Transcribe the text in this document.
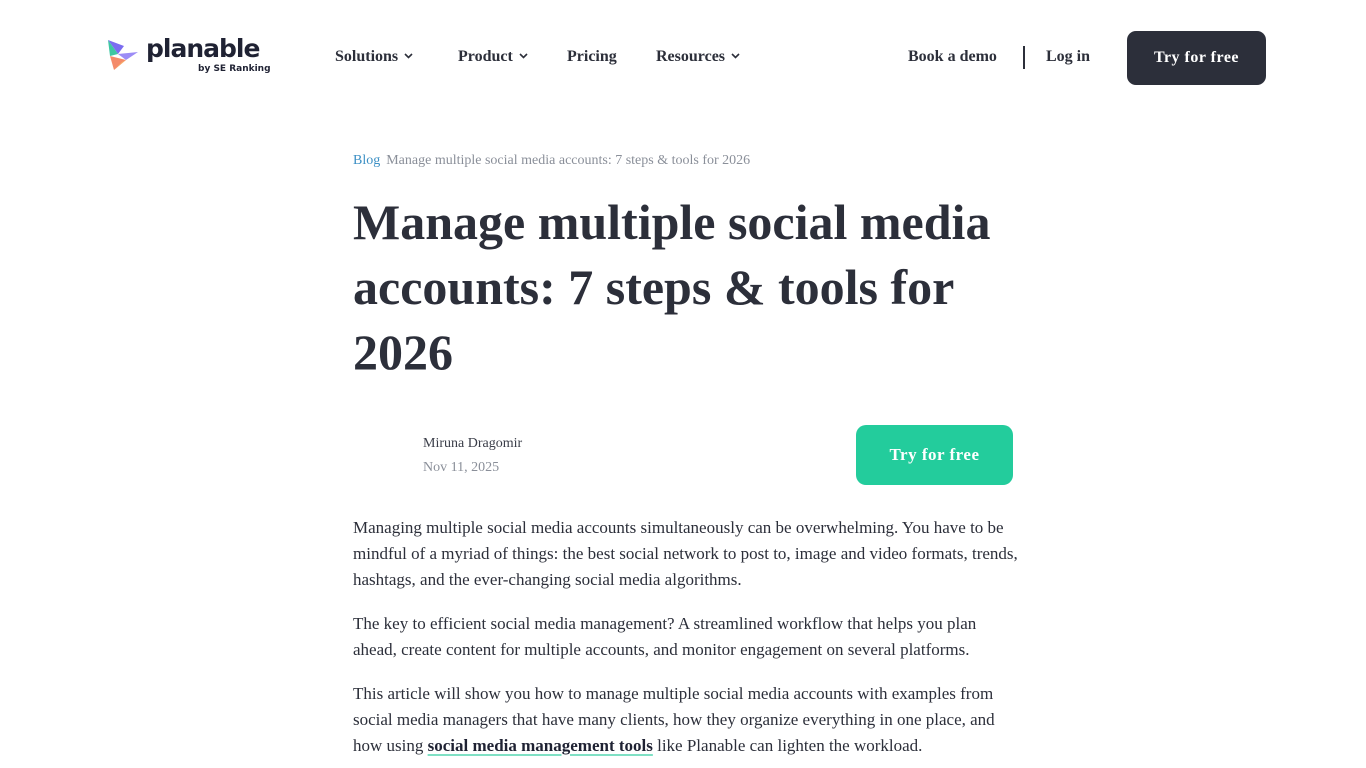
planable
by SE Ranking
Solutions	Product	Pricing Resources	Book a demo	Log in	Try for free
Blog Manage multiple social media accounts: 7 steps & tools for 2026
Manage multiple social media accounts: 7 steps & tools for 2026
Miruna Dragomir
Nov 11, 2025
Try for free

Managing multiple social media accounts simultaneously can be overwhelming. You have to be mindful of a myriad of things: the best social network to post to, image and video formats, trends, hashtags, and the ever-changing social media algorithms.

The key to efficient social media management? A streamlined workflow that helps you plan ahead, create content for multiple accounts, and monitor engagement on several platforms.

This article will show you how to manage multiple social media accounts with examples from social media managers that have many clients, how they organize everything in one place, and how using social media management tools like Planable can lighten the workload.
